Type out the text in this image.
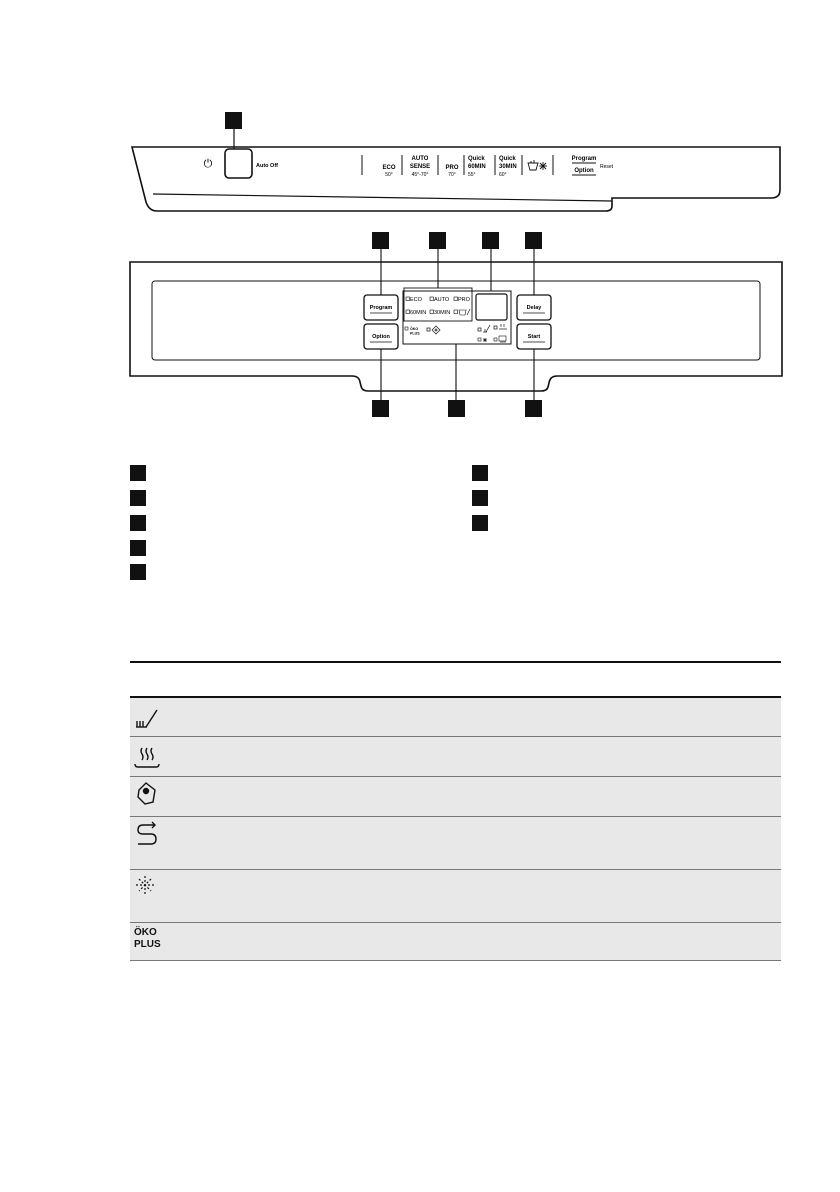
⏻	Auto Off	ECO
50°
AUTO
SENSE
45°-70°
PRO
70°
Quick
60MIN
55°
Quick
30MIN
60°
Program
Option
Reset
Program
Option
Delay
Start
ECO AUTO PRO
60MIN 30MIN
ÖKO
PLUS

ÖKO
PLUS	
